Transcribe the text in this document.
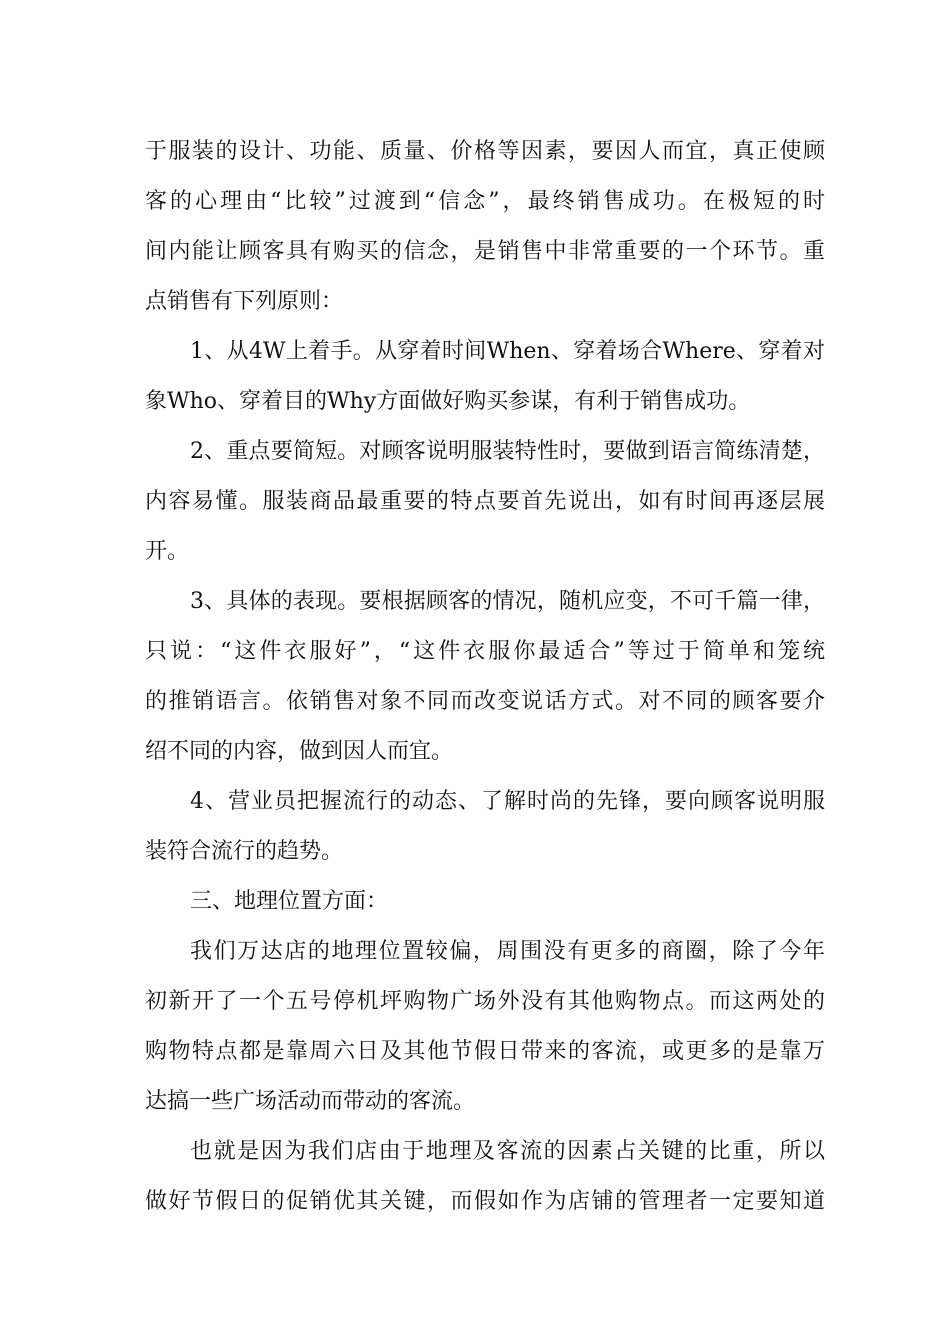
于服装的设计、功能、质量、价格等因素，要因人而宜，真正使顾
客的心理由“比较”过渡到“信念”，最终销售成功。在极短的时
间内能让顾客具有购买的信念，是销售中非常重要的一个环节。重
点销售有下列原则：
1、从4W上着手。从穿着时间When、穿着场合Where、穿着对
象Who、穿着目的Why方面做好购买参谋，有利于销售成功。
2、重点要简短。对顾客说明服装特性时，要做到语言简练清楚，
内容易懂。服装商品最重要的特点要首先说出，如有时间再逐层展
开。
3、具体的表现。要根据顾客的情况，随机应变，不可千篇一律，
只说：“这件衣服好”，“这件衣服你最适合”等过于简单和笼统
的推销语言。依销售对象不同而改变说话方式。对不同的顾客要介
绍不同的内容，做到因人而宜。
4、营业员把握流行的动态、了解时尚的先锋，要向顾客说明服
装符合流行的趋势。
三、地理位置方面：
我们万达店的地理位置较偏，周围没有更多的商圈，除了今年
初新开了一个五号停机坪购物广场外没有其他购物点。而这两处的
购物特点都是靠周六日及其他节假日带来的客流，或更多的是靠万
达搞一些广场活动而带动的客流。
也就是因为我们店由于地理及客流的因素占关键的比重，所以
做好节假日的促销优其关键，而假如作为店铺的管理者一定要知道
